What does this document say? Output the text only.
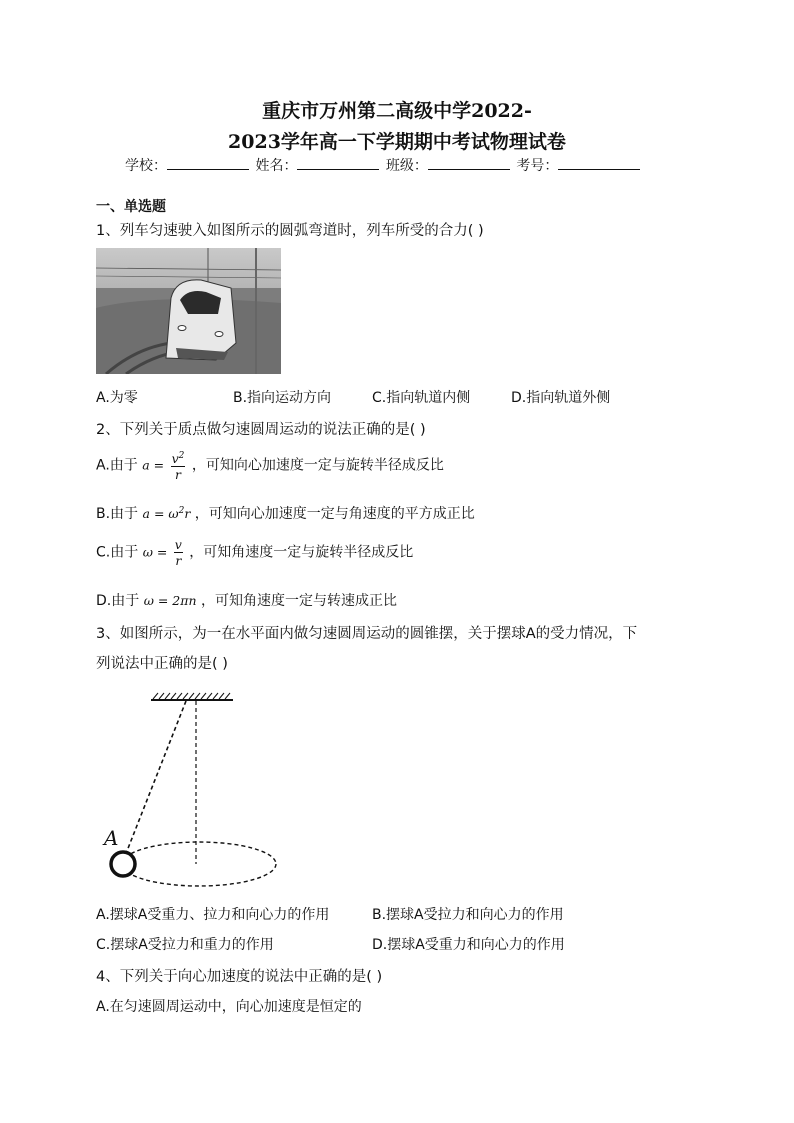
重庆市万州第二高级中学2022-
2023学年高一下学期期中考试物理试卷
学校：	姓名：	班级：	考号：
一、单选题
1、列车匀速驶入如图所示的圆弧弯道时，列车所受的合力( )
A.为零	B.指向运动方向	C.指向轨道内侧	D.指向轨道外侧
2、下列关于质点做匀速圆周运动的说法正确的是( )
A.由于 $a = \frac{v^2}{r}$ ，可知向心加速度一定与旋转半径成反比
B.由于 $a = \omega^2r$ ，可知向心加速度一定与角速度的平方成正比
C.由于 $\omega = \frac{v}{r}$ ，可知角速度一定与旋转半径成反比
D.由于 ω = 2πn ，可知角速度一定与转速成正比
3、如图所示，为一在水平面内做匀速圆周运动的圆锥摆，关于摆球A的受力情况，下
列说法中正确的是( )
A
A.摆球A受重力、拉力和向心力的作用	B.摆球A受拉力和向心力的作用
C.摆球A受拉力和重力的作用	D.摆球A受重力和向心力的作用
4、下列关于向心加速度的说法中正确的是( )
A.在匀速圆周运动中，向心加速度是恒定的
